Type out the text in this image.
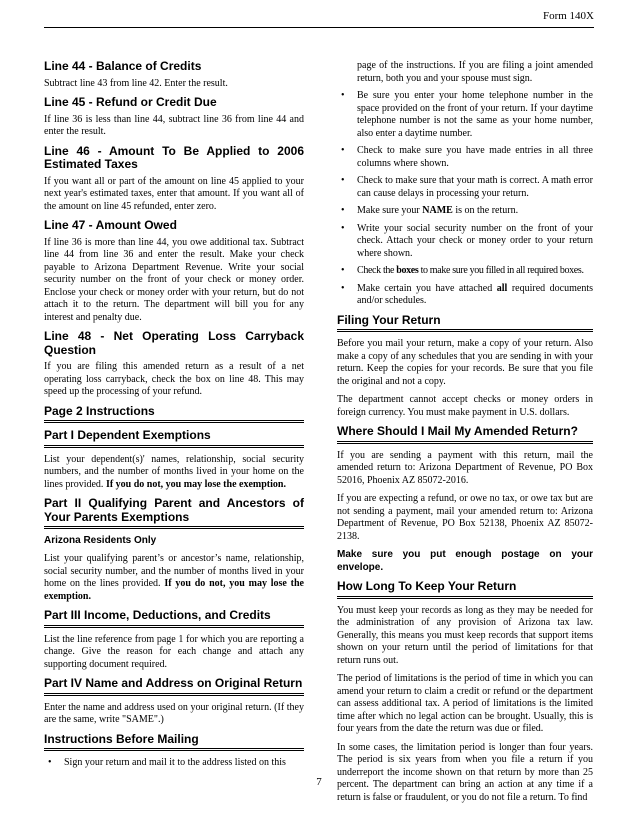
Form 140X
Line 44 - Balance of Credits

Subtract line 43 from line 42. Enter the result.

Line 45 - Refund or Credit Due

If line 36 is less than line 44, subtract line 36 from line 44 and enter the result.

Line 46 - Amount To Be Applied to 2006 Estimated Taxes

If you want all or part of the amount on line 45 applied to your next year's estimated taxes, enter that amount. If you want all of the amount on line 45 refunded, enter zero.

Line 47 - Amount Owed

If line 36 is more than line 44, you owe additional tax. Subtract line 44 from line 36 and enter the result. Make your check payable to Arizona Department Revenue. Write your social security number on the front of your check or money order. Enclose your check or money order with your return, but do not attach it to the return. The department will bill you for any interest and penalty due.

Line 48 - Net Operating Loss Carryback Question

If you are filing this amended return as a result of a net operating loss carryback, check the box on line 48. This may speed up the processing of your refund.

Page 2 Instructions
Part I Dependent Exemptions

List your dependent(s)' names, relationship, social security numbers, and the number of months lived in your home on the lines provided. If you do not, you may lose the exemption.

Part II Qualifying Parent and Ancestors of Your Parents Exemptions
Arizona Residents Only

List your qualifying parent’s or ancestor’s name, relationship, social security number, and the number of months lived in your home on the lines provided. If you do not, you may lose the exemption.

Part III Income, Deductions, and Credits

List the line reference from page 1 for which you are reporting a change. Give the reason for each change and attach any supporting document required.

Part IV Name and Address on Original Return

Enter the name and address used on your original return. (If they are the same, write "SAME".)

Instructions Before Mailing
• Sign your return and mail it to the address listed on this
page of the instructions. If you are filing a joint amended return, both you and your spouse must sign.
• Be sure you enter your home telephone number in the space provided on the front of your return. If your daytime telephone number is not the same as your home number, also enter a daytime number.
• Check to make sure you have made entries in all three columns where shown.
• Check to make sure that your math is correct. A math error can cause delays in processing your return.
• Make sure your NAME is on the return.
• Write your social security number on the front of your check. Attach your check or money order to your return where shown.
• Check the boxes to make sure you filled in all required boxes.
• Make certain you have attached all required documents and/or schedules.
Filing Your Return

Before you mail your return, make a copy of your return. Also make a copy of any schedules that you are sending in with your return. Keep the copies for your records. Be sure that you file the original and not a copy.

The department cannot accept checks or money orders in foreign currency. You must make payment in U.S. dollars.

Where Should I Mail My Amended Return?

If you are sending a payment with this return, mail the amended return to: Arizona Department of Revenue, PO Box 52016, Phoenix AZ 85072-2016.

If you are expecting a refund, or owe no tax, or owe tax but are not sending a payment, mail your amended return to: Arizona Department of Revenue, PO Box 52138, Phoenix AZ 85072-2138.

Make sure you put enough postage on your envelope.
How Long To Keep Your Return

You must keep your records as long as they may be needed for the administration of any provision of Arizona tax law. Generally, this means you must keep records that support items shown on your return until the period of limitations for that return runs out.

The period of limitations is the period of time in which you can amend your return to claim a credit or refund or the department can assess additional tax. A period of limitations is the limited time after which no legal action can be brought. Usually, this is four years from the date the return was due or filed.

In some cases, the limitation period is longer than four years. The period is six years from when you file a return if you underreport the income shown on that return by more than 25 percent. The department can bring an action at any time if a return is false or fraudulent, or you do not file a return. To find

7
